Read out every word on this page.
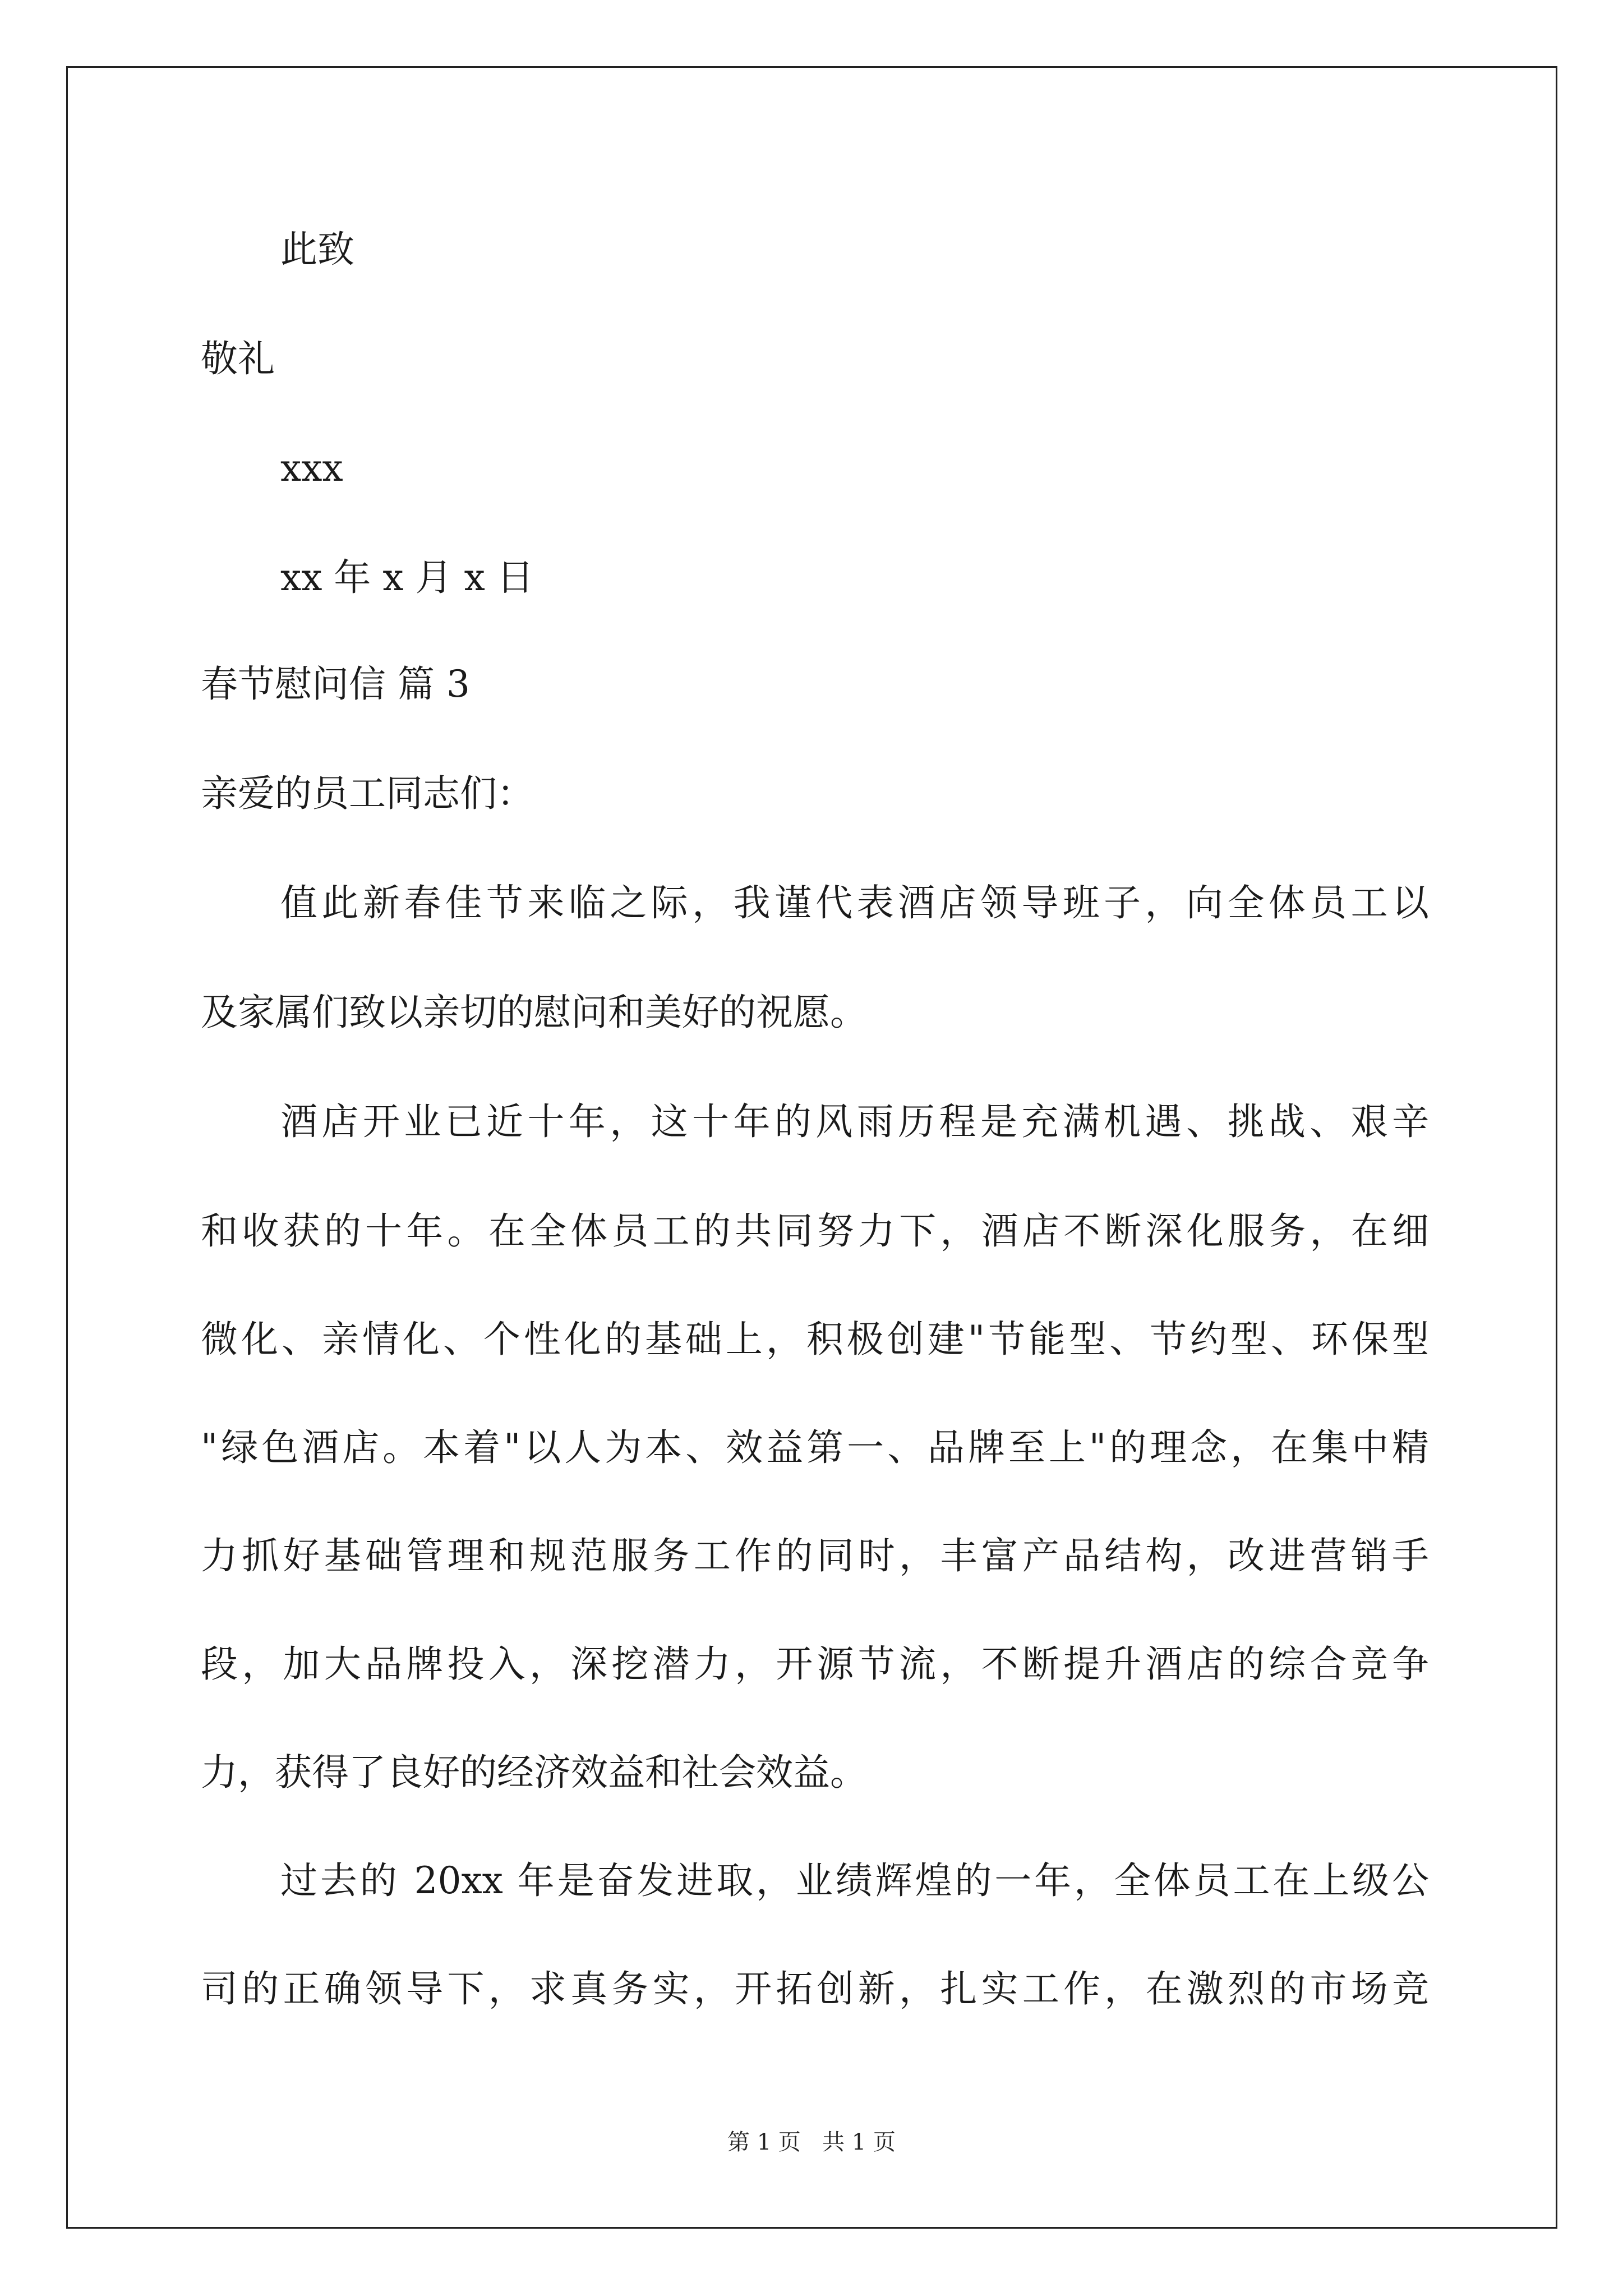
此致
敬礼
xxx
xx 年 x 月 x 日
春节慰问信 篇 3
亲爱的员工同志们：
值此新春佳节来临之际，我谨代表酒店领导班子，向全体员工以
及家属们致以亲切的慰问和美好的祝愿。
酒店开业已近十年，这十年的风雨历程是充满机遇、挑战、艰辛
和收获的十年。在全体员工的共同努力下，酒店不断深化服务，在细
微化、亲情化、个性化的基础上，积极创建"节能型、节约型、环保型
"绿色酒店。本着"以人为本、效益第一、品牌至上"的理念，在集中精
力抓好基础管理和规范服务工作的同时，丰富产品结构，改进营销手
段，加大品牌投入，深挖潜力，开源节流，不断提升酒店的综合竞争
力，获得了良好的经济效益和社会效益。
过去的 20xx 年是奋发进取，业绩辉煌的一年，全体员工在上级公
司的正确领导下，求真务实，开拓创新，扎实工作，在激烈的市场竞
第 1 页   共 1 页
